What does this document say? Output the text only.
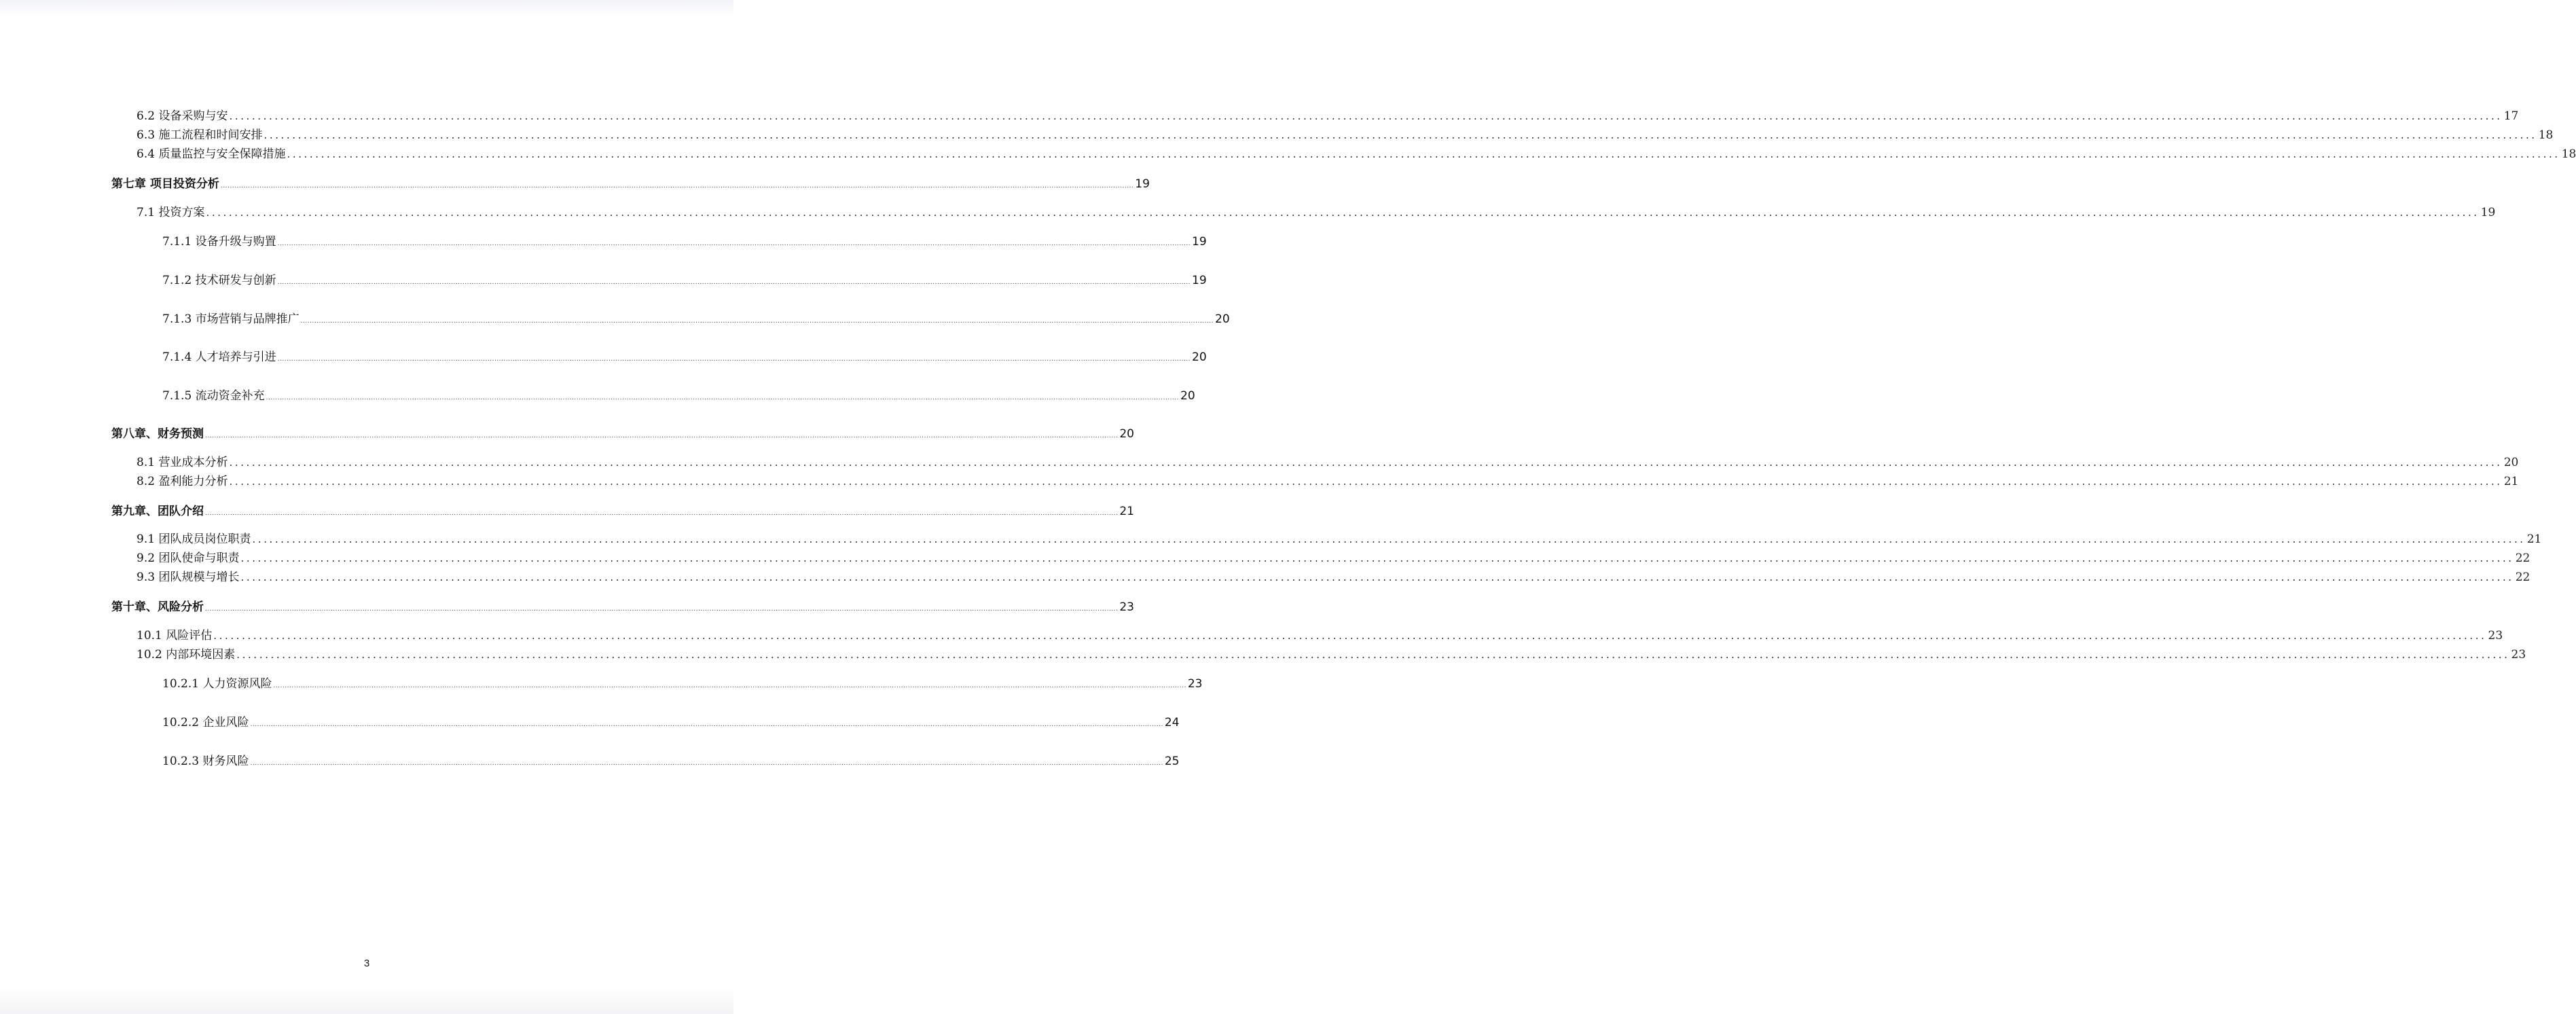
6.2 设备采购与安 ................................................................................................................................................................................................................................................................................................................................................................................................................ 17
6.3 施工流程和时间安排 ................................................................................................................................................................................................................................................................................................................................................................................................................ 18
6.4 质量监控与安全保障措施 ................................................................................................................................................................................................................................................................................................................................................................................................................ 18
第七章 项目投资分析 ................................................................................................................................................................................................................................................................................................................................................................................................................ 19
7.1 投资方案 ................................................................................................................................................................................................................................................................................................................................................................................................................ 19
7.1.1 设备升级与购置 ................................................................................................................................................................................................................................................................................................................................................................................................................ 19
7.1.2 技术研发与创新 ................................................................................................................................................................................................................................................................................................................................................................................................................ 19
7.1.3 市场营销与品牌推广 ................................................................................................................................................................................................................................................................................................................................................................................................................ 20
7.1.4 人才培养与引进 ................................................................................................................................................................................................................................................................................................................................................................................................................ 20
7.1.5 流动资金补充 ................................................................................................................................................................................................................................................................................................................................................................................................................ 20
第八章、财务预测 ................................................................................................................................................................................................................................................................................................................................................................................................................ 20
8.1 营业成本分析 ................................................................................................................................................................................................................................................................................................................................................................................................................ 20
8.2 盈利能力分析 ................................................................................................................................................................................................................................................................................................................................................................................................................ 21
第九章、团队介绍 ................................................................................................................................................................................................................................................................................................................................................................................................................ 21
9.1 团队成员岗位职责 ................................................................................................................................................................................................................................................................................................................................................................................................................ 21
9.2 团队使命与职责 ................................................................................................................................................................................................................................................................................................................................................................................................................ 22
9.3 团队规模与增长 ................................................................................................................................................................................................................................................................................................................................................................................................................ 22
第十章、风险分析 ................................................................................................................................................................................................................................................................................................................................................................................................................ 23
10.1 风险评估 ................................................................................................................................................................................................................................................................................................................................................................................................................ 23
10.2 内部环境因素 ................................................................................................................................................................................................................................................................................................................................................................................................................ 23
10.2.1 人力资源风险 ................................................................................................................................................................................................................................................................................................................................................................................................................ 23
10.2.2 企业风险 ................................................................................................................................................................................................................................................................................................................................................................................................................ 24
10.2.3 财务风险 ................................................................................................................................................................................................................................................................................................................................................................................................................ 25
3
